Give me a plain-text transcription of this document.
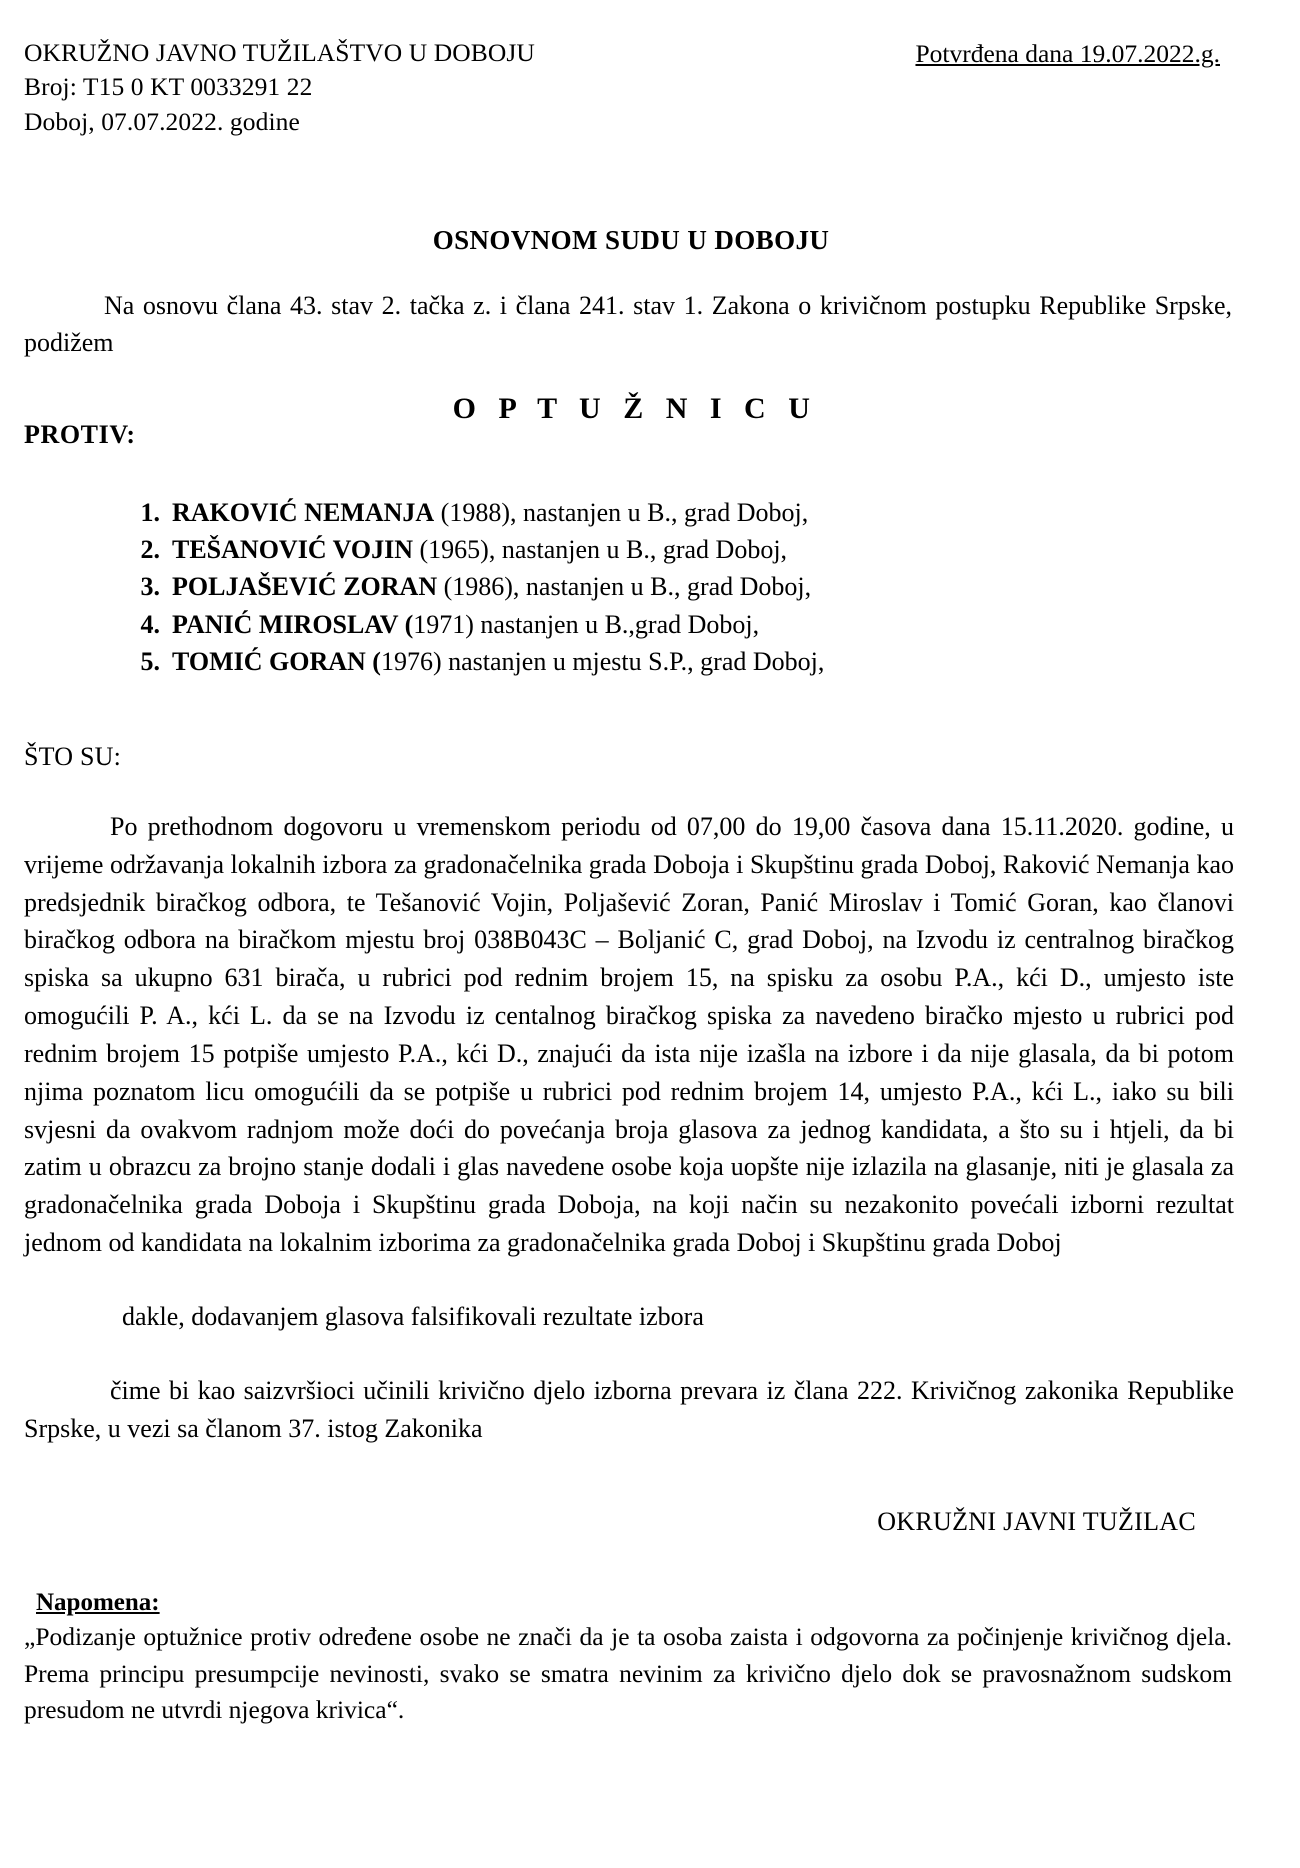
OKRUŽNO JAVNO TUŽILAŠTVO U DOBOJU
Broj: T15 0 KT 0033291 22
Doboj, 07.07.2022. godine
Potvrđena dana 19.07.2022.g.
OSNOVNOM SUDU U DOBOJU
Na osnovu člana 43. stav 2. tačka z. i člana 241. stav 1. Zakona o krivičnom postupku Republike Srpske, podižem
O P T U Ž N I C U
PROTIV:
1. RAKOVIĆ NEMANJA (1988), nastanjen u B., grad Doboj,
2. TEŠANOVIĆ VOJIN (1965), nastanjen u B., grad Doboj,
3. POLJAŠEVIĆ ZORAN (1986), nastanjen u B., grad Doboj,
4. PANIĆ MIROSLAV (1971) nastanjen u B.,grad Doboj,
5. TOMIĆ GORAN (1976) nastanjen u mjestu S.P., grad Doboj,
ŠTO SU:
Po prethodnom dogovoru u vremenskom periodu od 07,00 do 19,00 časova dana 15.11.2020. godine, u vrijeme održavanja lokalnih izbora za gradonačelnika grada Doboja i Skupštinu grada Doboj, Raković Nemanja kao predsjednik biračkog odbora, te Tešanović Vojin, Poljašević Zoran, Panić Miroslav i Tomić Goran, kao članovi biračkog odbora na biračkom mjestu broj 038B043C – Boljanić C, grad Doboj, na Izvodu iz centralnog biračkog spiska sa ukupno 631 birača, u rubrici pod rednim brojem 15, na spisku za osobu P.A., kći D., umjesto iste omogućili P. A., kći L. da se na Izvodu iz centalnog biračkog spiska za navedeno biračko mjesto u rubrici pod rednim brojem 15 potpiše umjesto P.A., kći D., znajući da ista nije izašla na izbore i da nije glasala, da bi potom njima poznatom licu omogućili da se potpiše u rubrici pod rednim brojem 14, umjesto P.A., kći L., iako su bili svjesni da ovakvom radnjom može doći do povećanja broja glasova za jednog kandidata, a što su i htjeli, da bi zatim u obrazcu za brojno stanje dodali i glas navedene osobe koja uopšte nije izlazila na glasanje, niti je glasala za gradonačelnika grada Doboja i Skupštinu grada Doboja, na koji način su nezakonito povećali izborni rezultat jednom od kandidata na lokalnim izborima za gradonačelnika grada Doboj i Skupštinu grada Doboj
dakle, dodavanjem glasova falsifikovali rezultate izbora
čime bi kao saizvršioci učinili krivično djelo izborna prevara iz člana 222. Krivičnog zakonika Republike Srpske, u vezi sa članom 37. istog Zakonika
OKRUŽNI JAVNI TUŽILAC
Napomena:
„Podizanje optužnice protiv određene osobe ne znači da je ta osoba zaista i odgovorna za počinjenje krivičnog djela. Prema principu presumpcije nevinosti, svako se smatra nevinim za krivično djelo dok se pravosnažnom sudskom presudom ne utvrdi njegova krivica“.
